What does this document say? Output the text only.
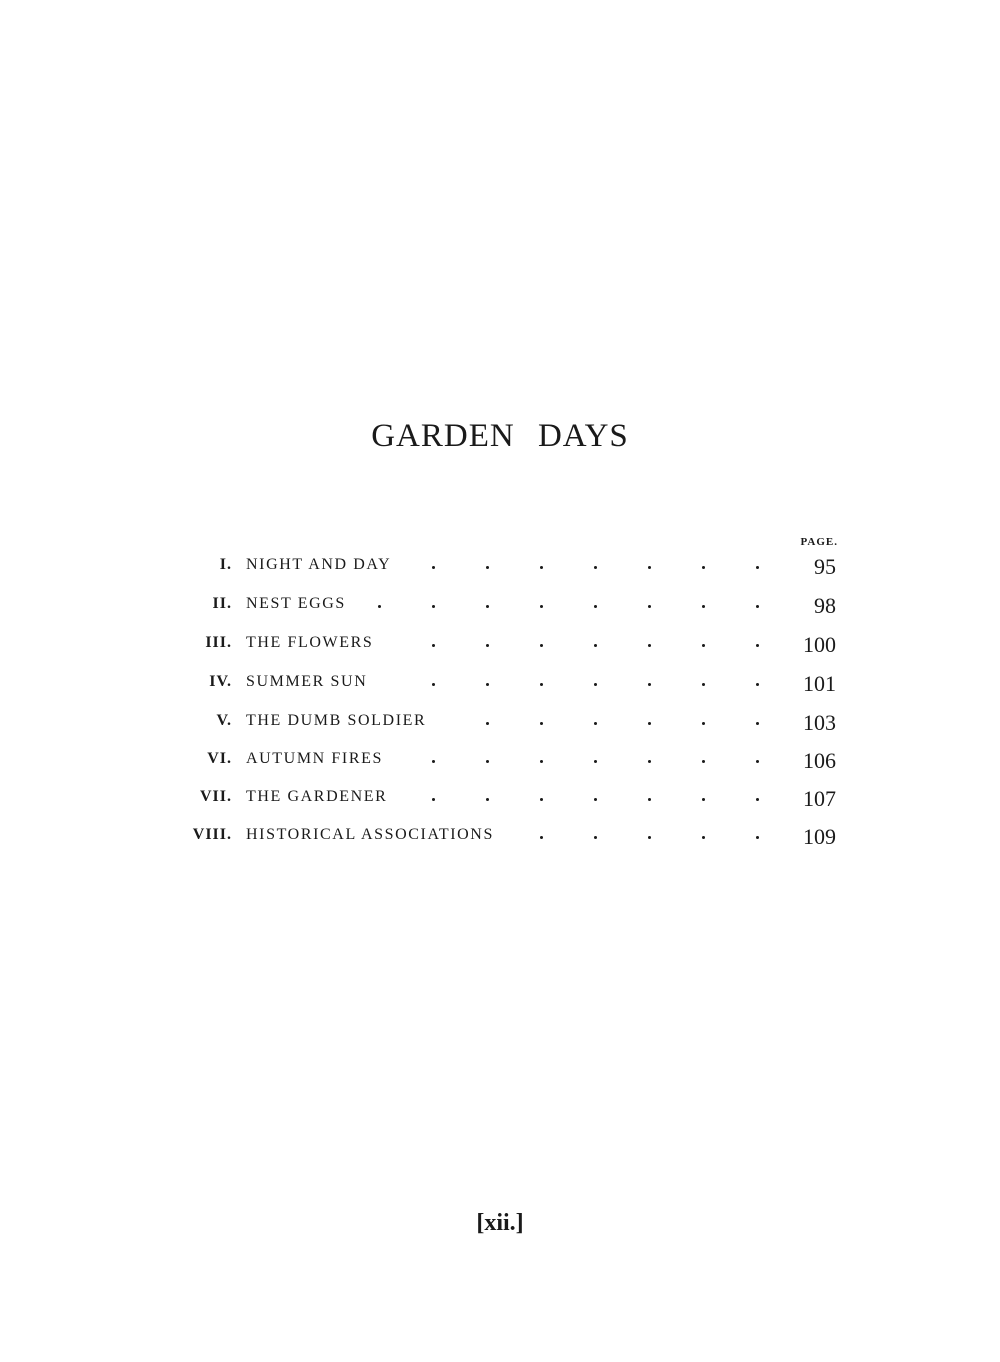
GARDEN DAYS
PAGE.
I. NIGHT AND DAY	95
II. NEST EGGS	98
III. THE FLOWERS	100
IV. SUMMER SUN	101
V. THE DUMB SOLDIER	103
VI. AUTUMN FIRES	106
VII. THE GARDENER	107
VIII. HISTORICAL ASSOCIATIONS	109
[xii.]
